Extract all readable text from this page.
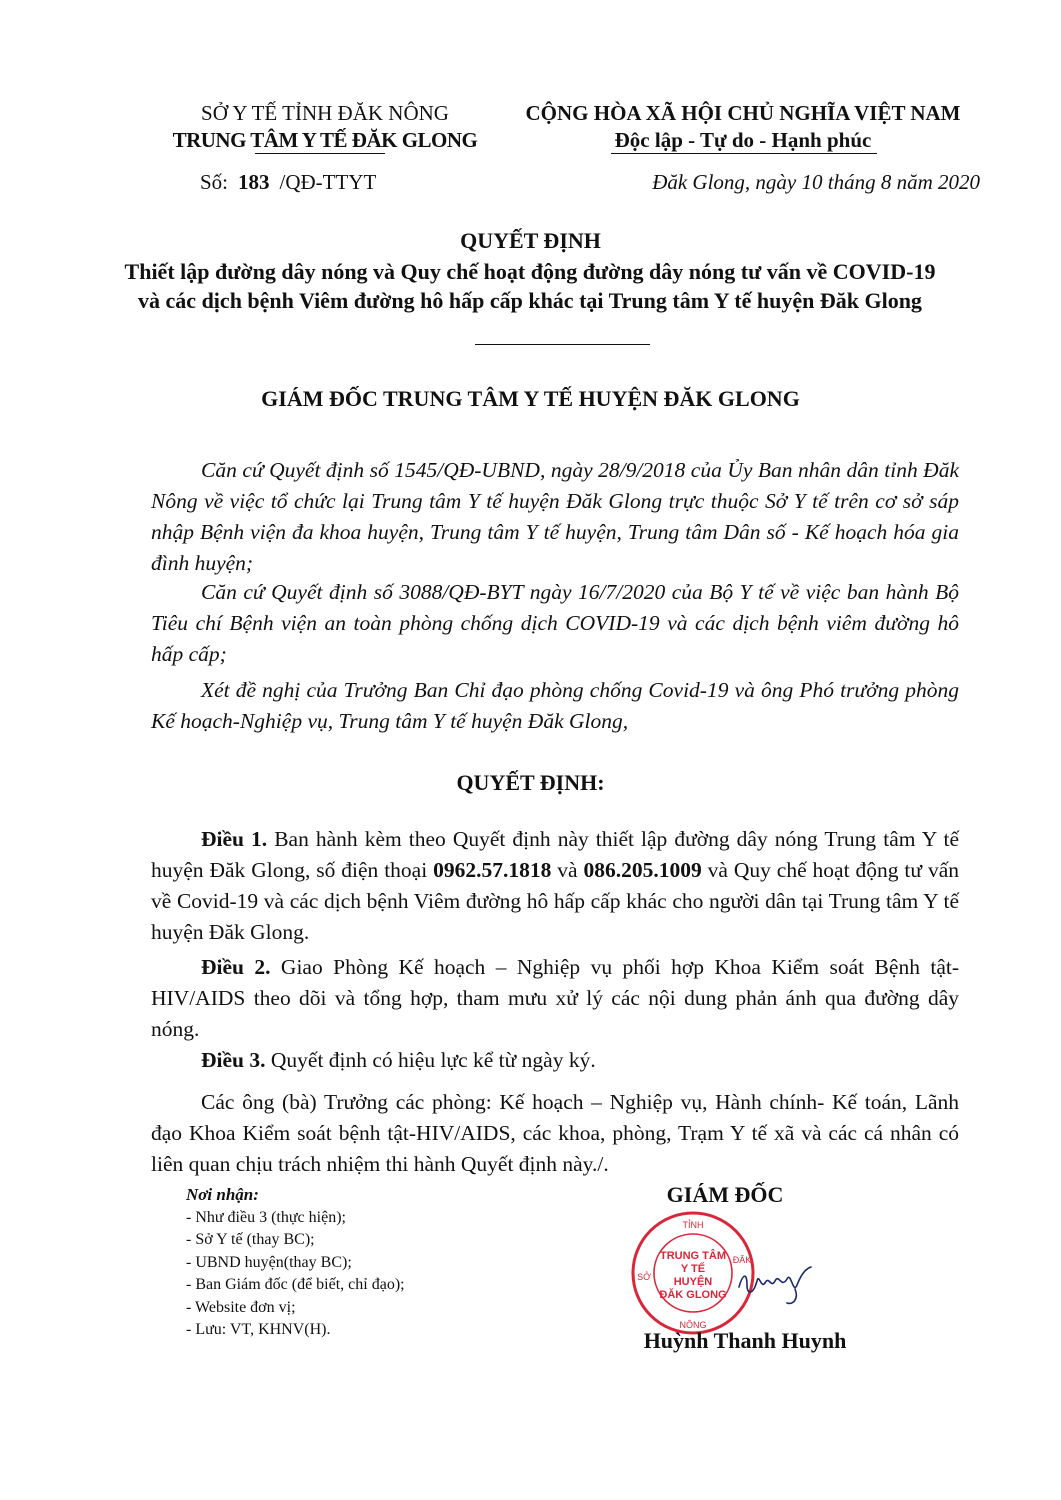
SỞ Y TẾ TỈNH ĐĂK NÔNG
TRUNG TÂM Y TẾ ĐĂK GLONG
CỘNG HÒA XÃ HỘI CHỦ NGHĨA VIỆT NAM
Độc lập - Tự do - Hạnh phúc
Số: 183 /QĐ-TTYT	Đăk Glong, ngày 10 tháng 8 năm 2020
QUYẾT ĐỊNH
Thiết lập đường dây nóng và Quy chế hoạt động đường dây nóng tư vấn về COVID-19 và các dịch bệnh Viêm đường hô hấp cấp khác tại Trung tâm Y tế huyện Đăk Glong
GIÁM ĐỐC TRUNG TÂM Y TẾ HUYỆN ĐĂK GLONG

Căn cứ Quyết định số 1545/QĐ-UBND, ngày 28/9/2018 của Ủy Ban nhân dân tỉnh Đăk Nông về việc tổ chức lại Trung tâm Y tế huyện Đăk Glong trực thuộc Sở Y tế trên cơ sở sáp nhập Bệnh viện đa khoa huyện, Trung tâm Y tế huyện, Trung tâm Dân số - Kế hoạch hóa gia đình huyện;

Căn cứ Quyết định số 3088/QĐ-BYT ngày 16/7/2020 của Bộ Y tế về việc ban hành Bộ Tiêu chí Bệnh viện an toàn phòng chống dịch COVID-19 và các dịch bệnh viêm đường hô hấp cấp;

Xét đề nghị của Trưởng Ban Chỉ đạo phòng chống Covid-19 và ông Phó trưởng phòng Kế hoạch-Nghiệp vụ, Trung tâm Y tế huyện Đăk Glong,

QUYẾT ĐỊNH:

Điều 1. Ban hành kèm theo Quyết định này thiết lập đường dây nóng Trung tâm Y tế huyện Đăk Glong, số điện thoại 0962.57.1818 và 086.205.1009 và Quy chế hoạt động tư vấn về Covid-19 và các dịch bệnh Viêm đường hô hấp cấp khác cho người dân tại Trung tâm Y tế huyện Đăk Glong.

Điều 2. Giao Phòng Kế hoạch – Nghiệp vụ phối hợp Khoa Kiểm soát Bệnh tật-HIV/AIDS theo dõi và tổng hợp, tham mưu xử lý các nội dung phản ánh qua đường dây nóng.

Điều 3. Quyết định có hiệu lực kể từ ngày ký.

Các ông (bà) Trưởng các phòng: Kế hoạch – Nghiệp vụ, Hành chính- Kế toán, Lãnh đạo Khoa Kiểm soát bệnh tật-HIV/AIDS, các khoa, phòng, Trạm Y tế xã và các cá nhân có liên quan chịu trách nhiệm thi hành Quyết định này./.

Nơi nhận:
- Như điều 3 (thực hiện);
- Sở Y tế (thay BC);
- UBND huyện(thay BC);
- Ban Giám đốc (để biết, chỉ đạo);
- Website đơn vị;
- Lưu: VT, KHNV(H).
GIÁM ĐỐC
SỞ
TỈNH
ĐĂK
NÔNG
TRUNG TÂM
Y TẾ
HUYỆN
ĐĂK GLONG
Huỳnh Thanh Huynh
